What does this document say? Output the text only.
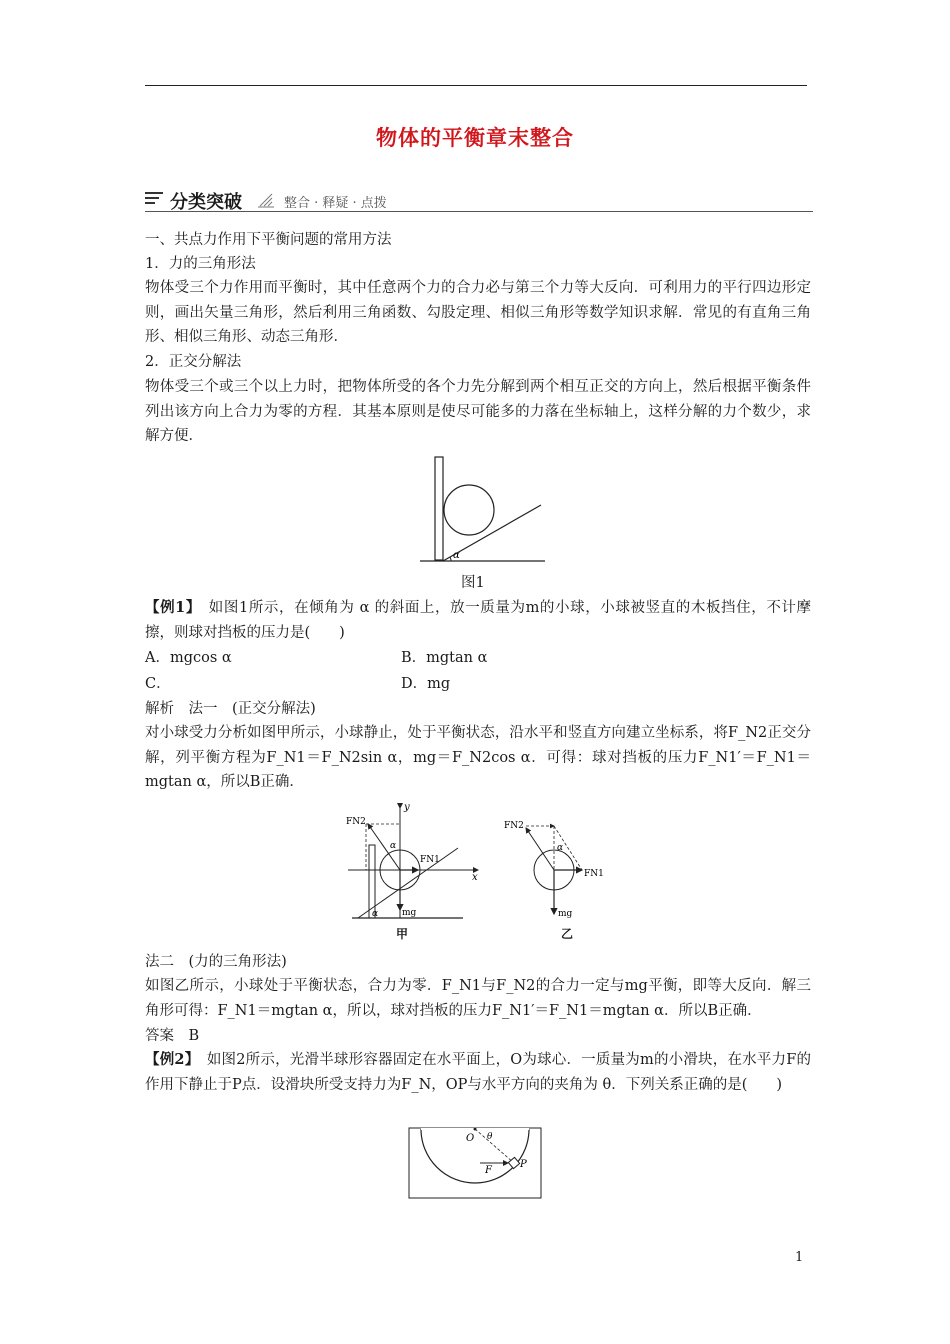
物体的平衡章末整合
分类突破	整合 · 释疑 · 点拨
一、共点力作用下平衡问题的常用方法
1．力的三角形法
物体受三个力作用而平衡时，其中任意两个力的合力必与第三个力等大反向．可利用力的平行四边形定则，画出矢量三角形，然后利用三角函数、勾股定理、相似三角形等数学知识求解．常见的有直角三角形、相似三角形、动态三角形．
2．正交分解法
物体受三个或三个以上力时，把物体所受的各个力先分解到两个相互正交的方向上，然后根据平衡条件列出该方向上合力为零的方程．其基本原则是使尽可能多的力落在坐标轴上，这样分解的力个数少，求解方便．
α
图1
【例1】　如图1所示，在倾角为 α 的斜面上，放一质量为m的小球，小球被竖直的木板挡住，不计摩擦，则球对挡板的压力是(　　)
A．mgcos α	B．mgtan α
C．	D．mg
解析　法一　(正交分解法)
对小球受力分析如图甲所示，小球静止，处于平衡状态，沿水平和竖直方向建立坐标系，将F_N2正交分解，列平衡方程为F_N1＝F_N2sin α，mg＝F_N2cos α．可得：球对挡板的压力F_N1′＝F_N1＝mgtan α，所以B正确．
FN2
FN1
mg
y
x
α
α
甲
FN2
FN1
mg
α
乙
法二　(力的三角形法)
如图乙所示，小球处于平衡状态，合力为零．F_N1与F_N2的合力一定与mg平衡，即等大反向．解三角形可得：F_N1＝mgtan α，所以，球对挡板的压力F_N1′＝F_N1＝mgtan α．所以B正确．
答案　B
【例2】　如图2所示，光滑半球形容器固定在水平面上，O为球心．一质量为m的小滑块，在水平力F的作用下静止于P点．设滑块所受支持力为F_N，OP与水平方向的夹角为 θ．下列关系正确的是(　　)
O θ
F
P
1
